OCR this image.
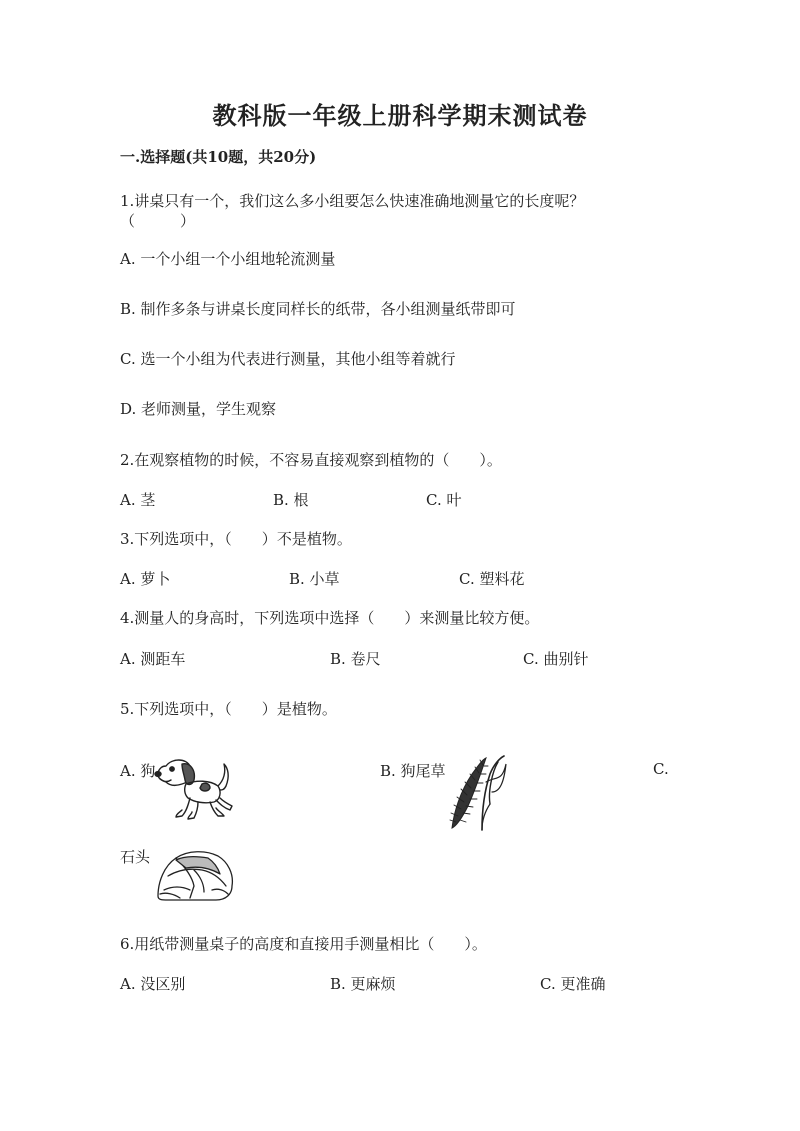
教科版一年级上册科学期末测试卷
一.选择题(共10题，共20分)
1.讲桌只有一个，我们这么多小组要怎么快速准确地测量它的长度呢？
（　　　）
A. 一个小组一个小组地轮流测量
B. 制作多条与讲桌长度同样长的纸带，各小组测量纸带即可
C. 选一个小组为代表进行测量，其他小组等着就行
D. 老师测量，学生观察
2.在观察植物的时候，不容易直接观察到植物的（　　）。
A. 茎	B. 根	C. 叶
3.下列选项中，（　　）不是植物。
A. 萝卜	B. 小草	C. 塑料花
4.测量人的身高时，下列选项中选择（　　）来测量比较方便。
A. 测距车	B. 卷尺	C. 曲别针
5.下列选项中，（　　）是植物。
A. 狗	B. 狗尾草	C.
石头
6.用纸带测量桌子的高度和直接用手测量相比（　　）。
A. 没区别	B. 更麻烦	C. 更准确
